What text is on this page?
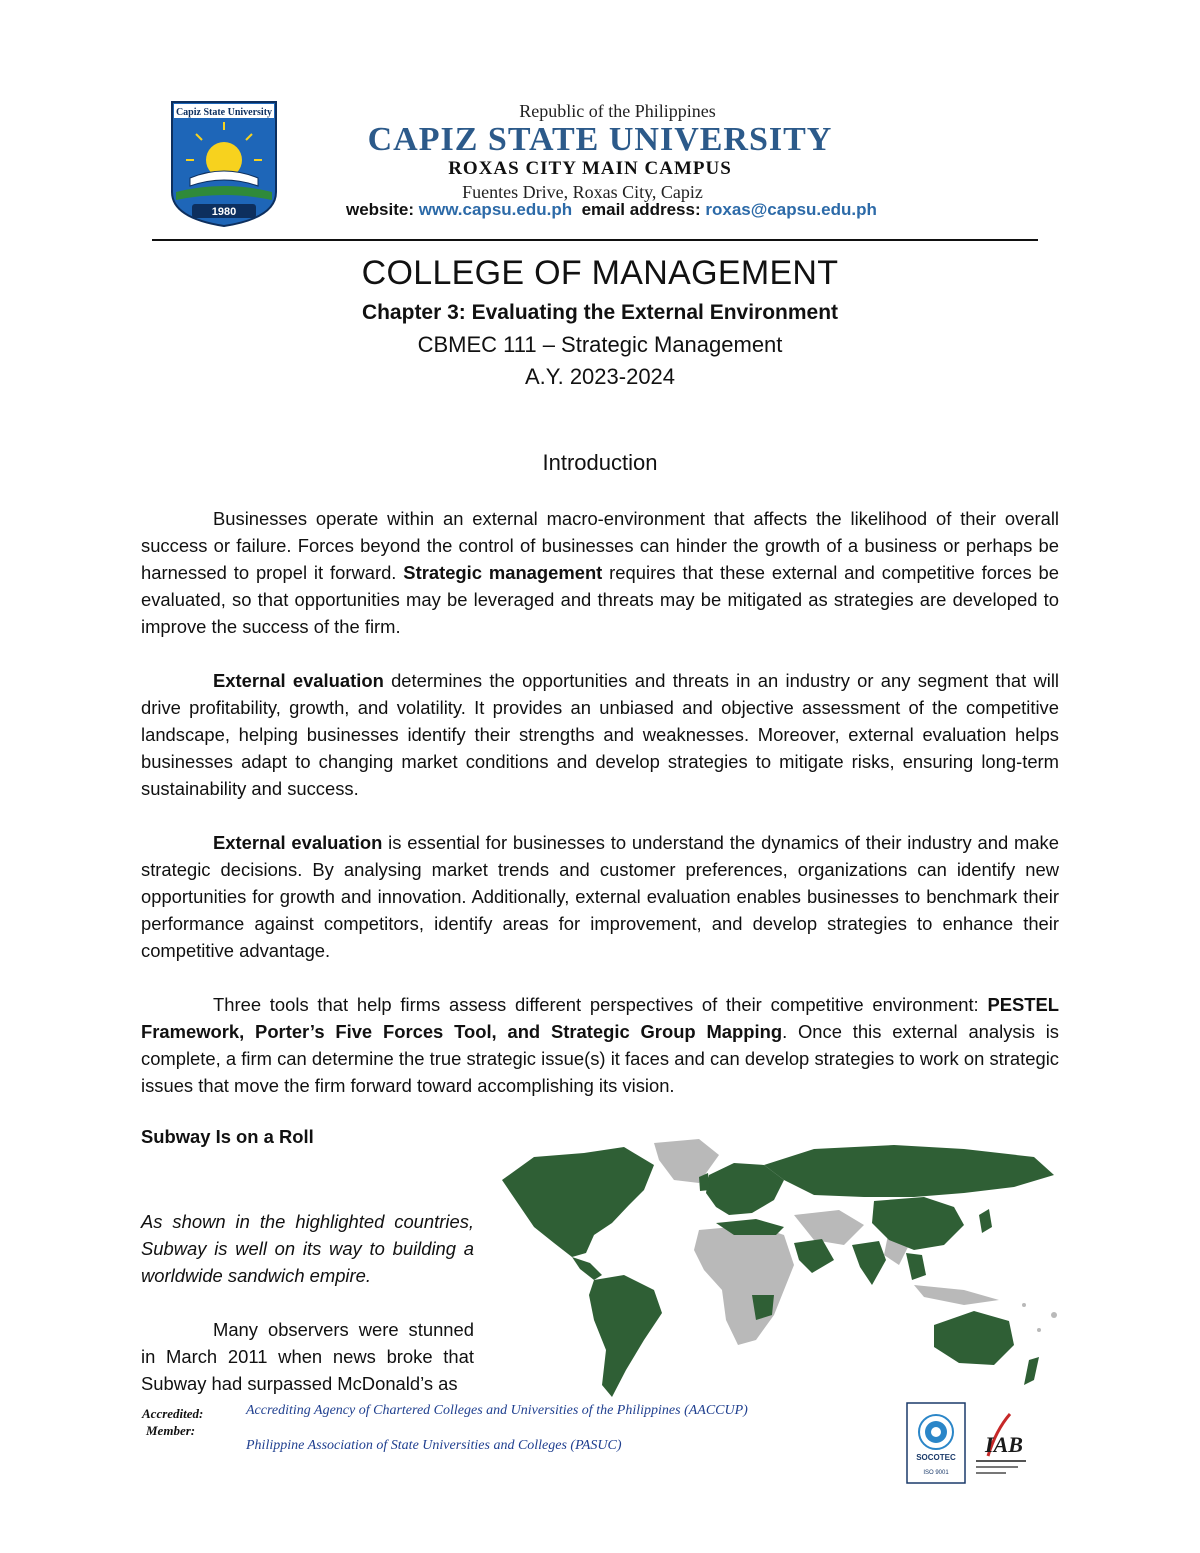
Capiz State University
1980
Republic of the Philippines
CAPIZ STATE UNIVERSITY
ROXAS CITY MAIN CAMPUS
Fuentes Drive, Roxas City, Capiz
website: www.capsu.edu.ph email address: roxas@capsu.edu.ph
COLLEGE OF MANAGEMENT
Chapter 3: Evaluating the External Environment
CBMEC 111 – Strategic Management
A.Y. 2023-2024
Introduction

Businesses operate within an external macro-environment that affects the likelihood of their overall success or failure. Forces beyond the control of businesses can hinder the growth of a business or perhaps be harnessed to propel it forward. Strategic management requires that these external and competitive forces be evaluated, so that opportunities may be leveraged and threats may be mitigated as strategies are developed to improve the success of the firm.

External evaluation determines the opportunities and threats in an industry or any segment that will drive profitability, growth, and volatility. It provides an unbiased and objective assessment of the competitive landscape, helping businesses identify their strengths and weaknesses. Moreover, external evaluation helps businesses adapt to changing market conditions and develop strategies to mitigate risks, ensuring long-term sustainability and success.

External evaluation is essential for businesses to understand the dynamics of their industry and make strategic decisions. By analysing market trends and customer preferences, organizations can identify new opportunities for growth and innovation. Additionally, external evaluation enables businesses to benchmark their performance against competitors, identify areas for improvement, and develop strategies to enhance their competitive advantage.

Three tools that help firms assess different perspectives of their competitive environment: PESTEL Framework, Porter’s Five Forces Tool, and Strategic Group Mapping. Once this external analysis is complete, a firm can determine the true strategic issue(s) it faces and can develop strategies to work on strategic issues that move the firm forward toward accomplishing its vision.

Subway Is on a Roll

As shown in the highlighted countries, Subway is well on its way to building a worldwide sandwich empire.

Many observers were stunned in March 2011 when news broke that Subway had surpassed McDonald’s as

Accredited:
Member:
Accrediting Agency of Chartered Colleges and Universities of the Philippines (AACCUP)
Philippine Association of State Universities and Colleges (PASUC)
SOCOTEC
ISO 9001
IAB
